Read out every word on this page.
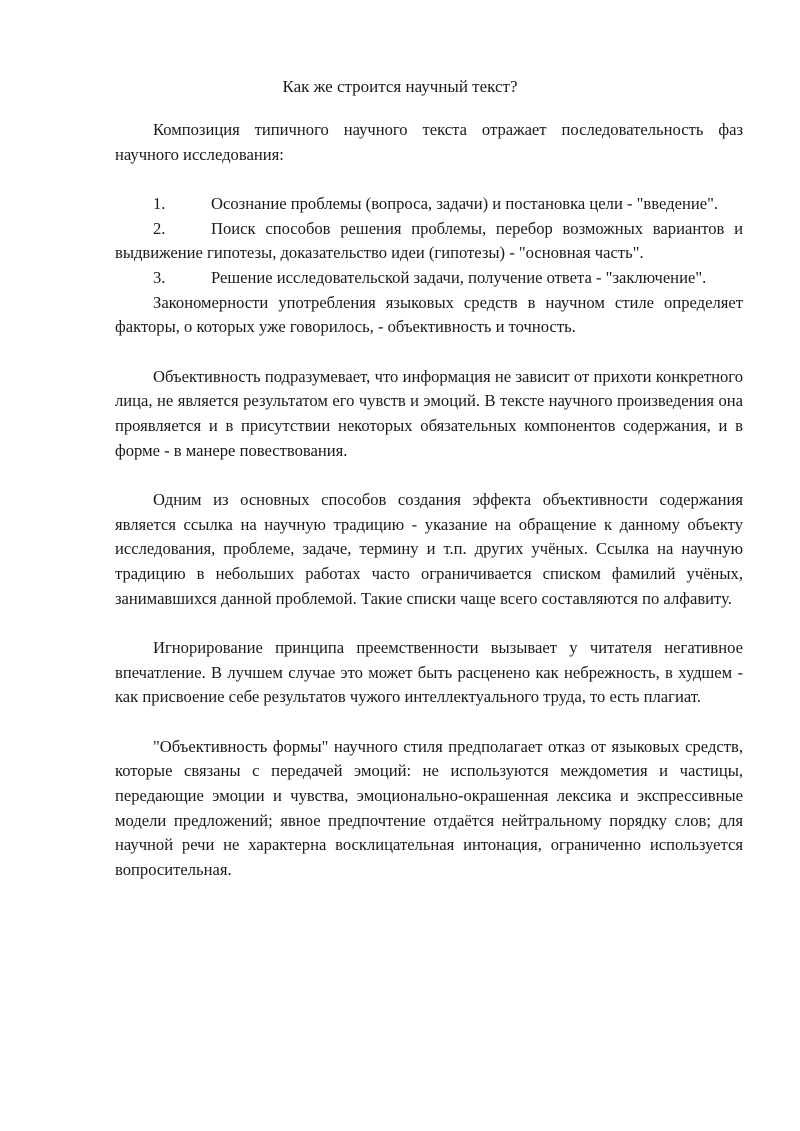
Как же строится научный текст?

Композиция типичного научного текста отражает последовательность фаз научного исследования:

1.	Осознание проблемы (вопроса, задачи) и постановка цели - "введение".

2.	Поиск способов решения проблемы, перебор возможных вариантов и выдвижение гипотезы, доказательство идеи (гипотезы) - "основная часть".

3.	Решение исследовательской задачи, получение ответа - "заключение".

Закономерности употребления языковых средств в научном стиле определяет факторы, о которых уже говорилось, - объективность и точность.

Объективность подразумевает, что информация не зависит от прихоти конкретного лица, не является результатом его чувств и эмоций. В тексте научного произведения она проявляется и в присутствии некоторых обязательных компонентов содержания, и в форме - в манере повествования.

Одним из основных способов создания эффекта объективности содержания является ссылка на научную традицию - указание на обращение к данному объекту исследования, проблеме, задаче, термину и т.п. других учёных. Ссылка на научную традицию в небольших работах часто ограничивается списком фамилий учёных, занимавшихся данной проблемой. Такие списки чаще всего составляются по алфавиту.

Игнорирование принципа преемственности вызывает у читателя негативное впечатление. В лучшем случае это может быть расценено как небрежность, в худшем - как присвоение себе результатов чужого интеллектуального труда, то есть плагиат.

"Объективность формы" научного стиля предполагает отказ от языковых средств, которые связаны с передачей эмоций: не используются междометия и частицы, передающие эмоции и чувства, эмоционально-окрашенная лексика и экспрессивные модели предложений; явное предпочтение отдаётся нейтральному порядку слов; для научной речи не характерна восклицательная интонация, ограниченно используется вопросительная.
